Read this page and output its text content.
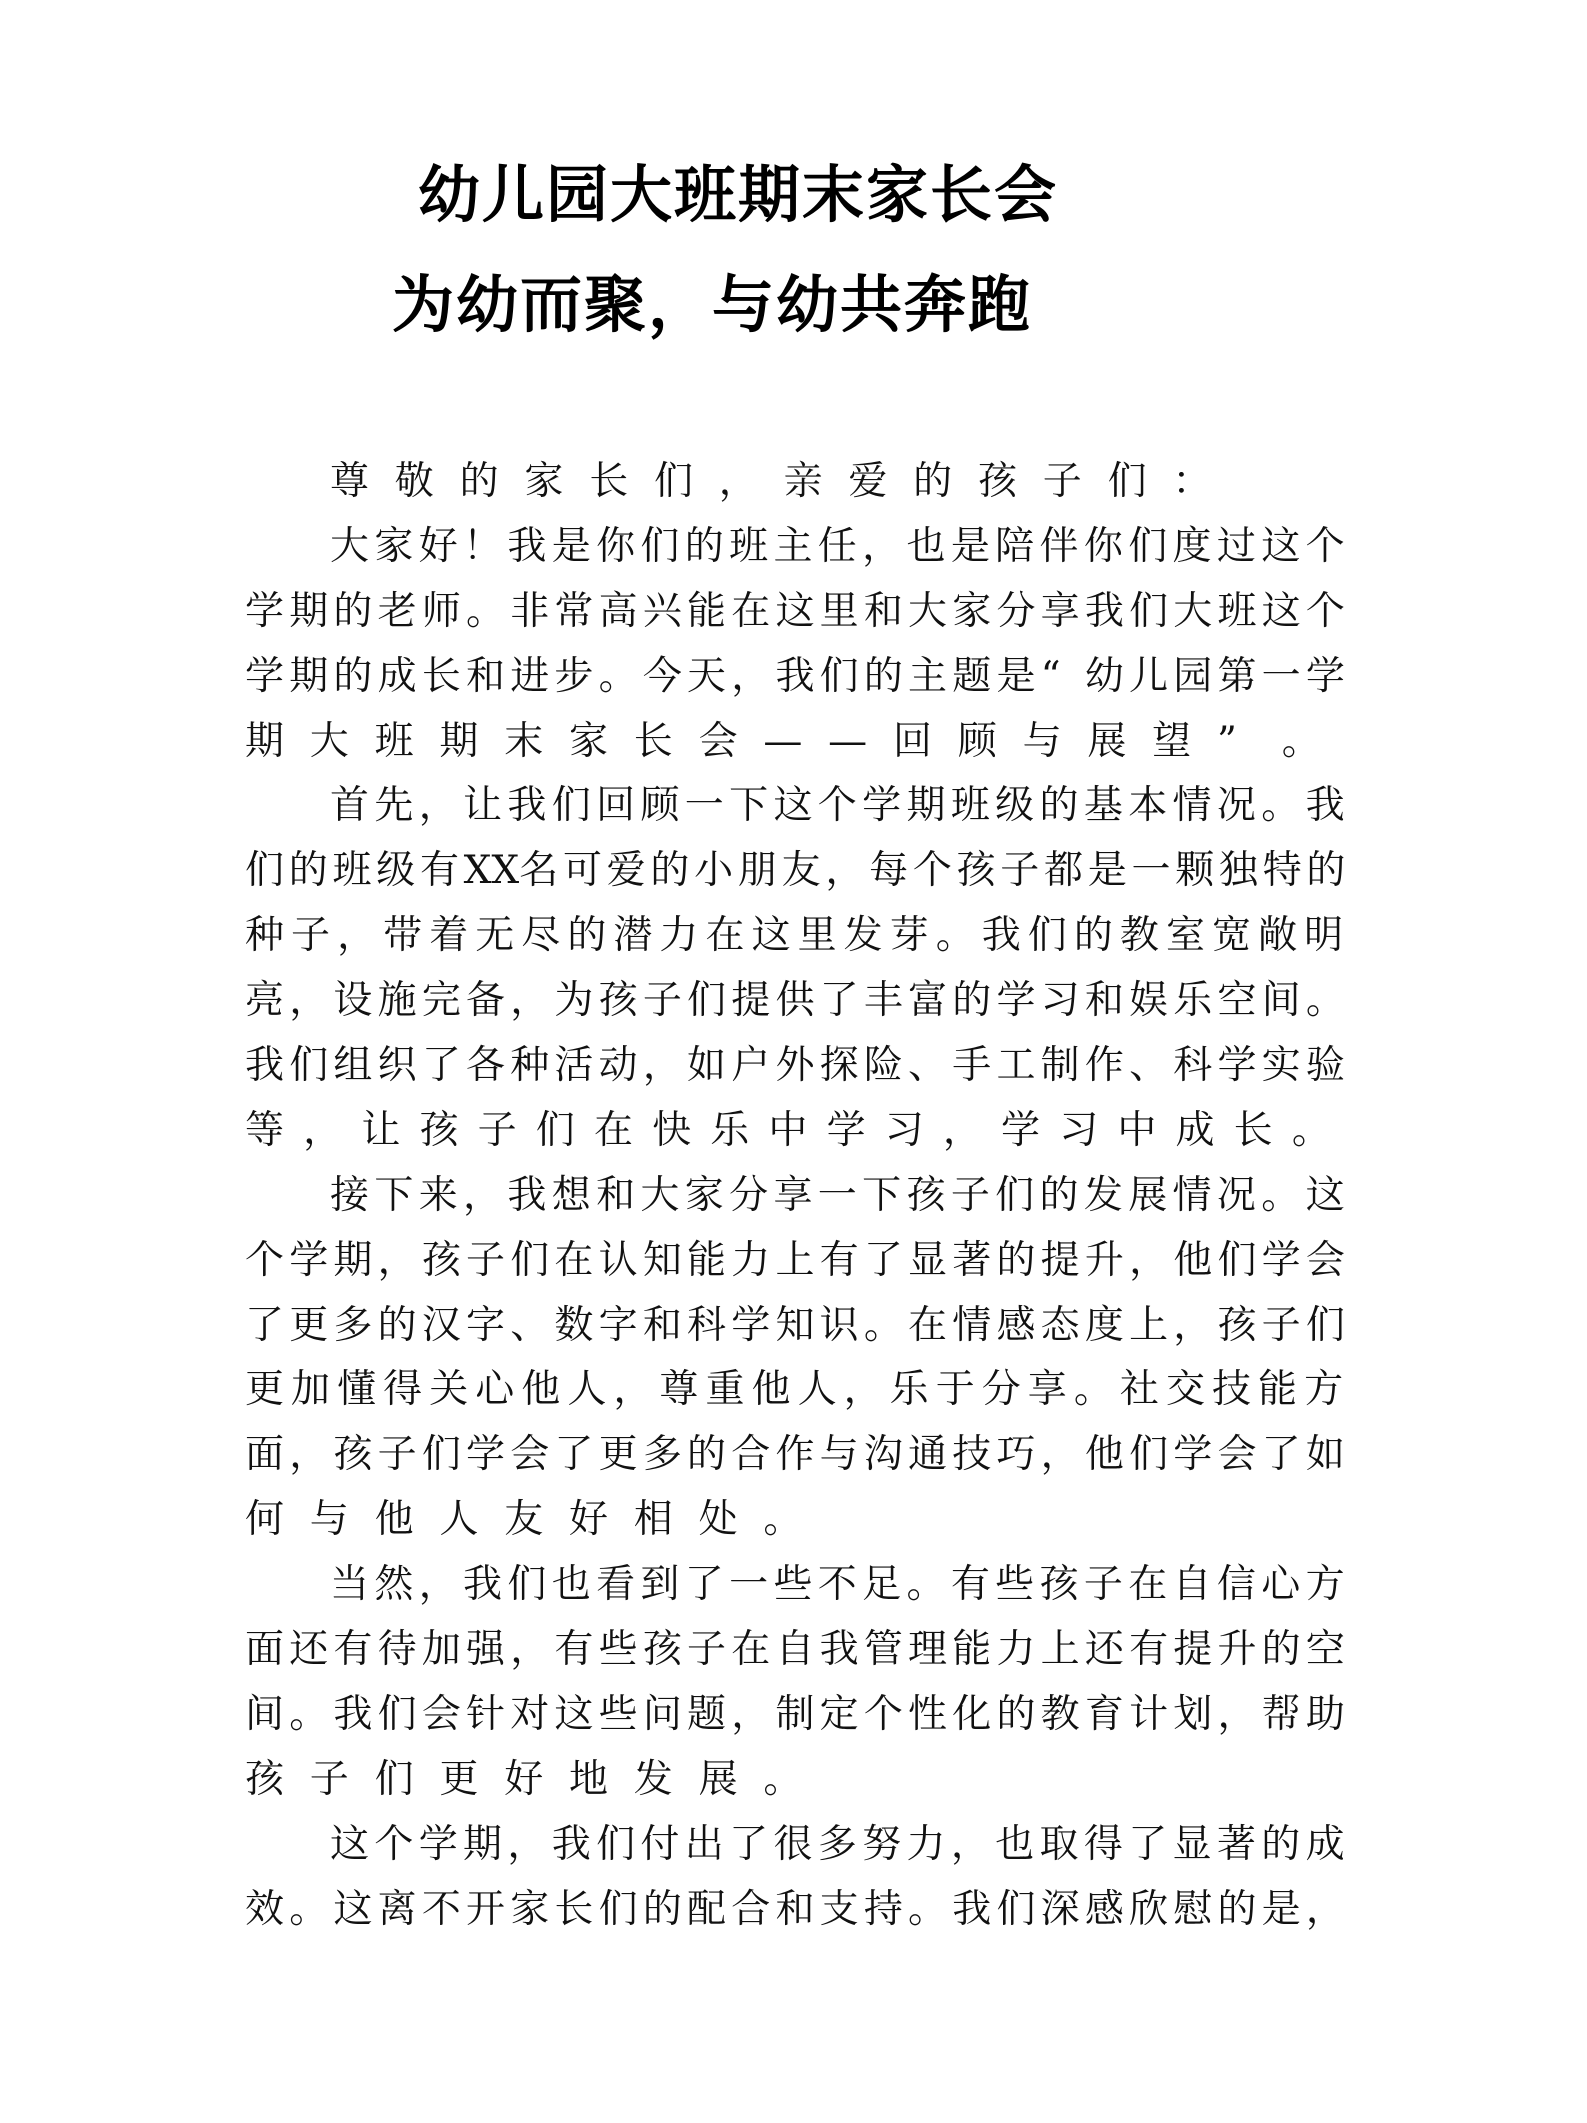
幼儿园大班期末家长会
为幼而聚，与幼共奔跑
尊 敬 的 家 长 们 ， 亲 爱 的 孩 子 们 ：
大 家 好 ！ 我 是 你 们 的 班 主 任 ， 也 是 陪 伴 你 们 度 过 这 个
学 期 的 老 师 。 非 常 高 兴 能 在 这 里 和 大 家 分 享 我 们 大 班 这 个
学 期 的 成 长 和 进 步 。 今 天 ， 我 们 的 主 题 是 “ 幼 儿 园 第 一 学
期 大 班 期 末 家 长 会 — — 回 顾 与 展 望 ”	。
首 先 ， 让 我 们 回 顾 一 下 这 个 学 期 班 级 的 基 本 情 况 。 我
们 的 班 级 有 XX 名 可 爱 的 小 朋 友 ， 每 个 孩 子 都 是 一 颗 独 特 的
种 子 ， 带 着 无 尽 的 潜 力 在 这 里 发 芽 。 我 们 的 教 室 宽 敞 明
亮 ， 设 施 完 备 ， 为 孩 子 们 提 供 了 丰 富 的 学 习 和 娱 乐 空 间 。
我 们 组 织 了 各 种 活 动 ， 如 户 外 探 险 、 手 工 制 作 、 科 学 实 验
等 ， 让 孩 子 们 在 快 乐 中 学 习 ， 学 习 中 成 长 。
接 下 来 ， 我 想 和 大 家 分 享 一 下 孩 子 们 的 发 展 情 况 。 这
个 学 期 ， 孩 子 们 在 认 知 能 力 上 有 了 显 著 的 提 升 ， 他 们 学 会
了 更 多 的 汉 字 、 数 字 和 科 学 知 识 。 在 情 感 态 度 上 ， 孩 子 们
更 加 懂 得 关 心 他 人 ， 尊 重 他 人 ， 乐 于 分 享 。 社 交 技 能 方
面 ， 孩 子 们 学 会 了 更 多 的 合 作 与 沟 通 技 巧 ， 他 们 学 会 了 如
何 与 他 人 友 好 相 处 。
当 然 ， 我 们 也 看 到 了 一 些 不 足 。 有 些 孩 子 在 自 信 心 方
面 还 有 待 加 强 ， 有 些 孩 子 在 自 我 管 理 能 力 上 还 有 提 升 的 空
间 。 我 们 会 针 对 这 些 问 题 ， 制 定 个 性 化 的 教 育 计 划 ， 帮 助
孩 子 们 更 好 地 发 展 。
这 个 学 期 ， 我 们 付 出 了 很 多 努 力 ， 也 取 得 了 显 著 的 成
效 。 这 离 不 开 家 长 们 的 配 合 和 支 持 。 我 们 深 感 欣 慰 的 是 ，
